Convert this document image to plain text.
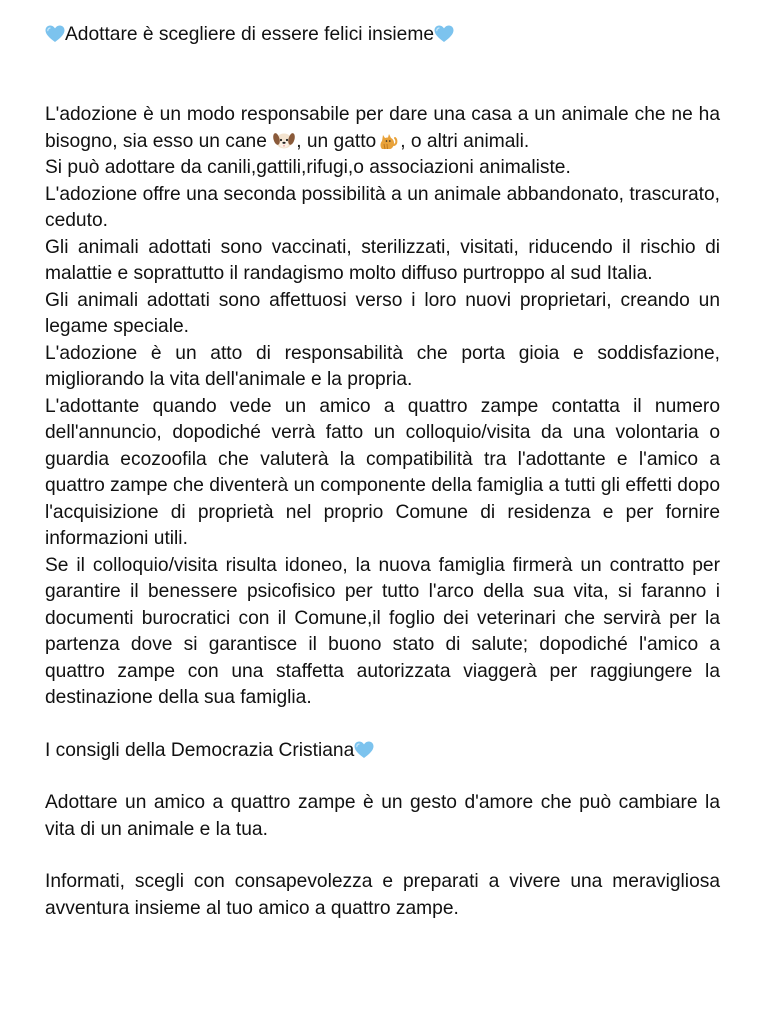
Adottare è scegliere di essere felici insieme

L'adozione è un modo responsabile per dare una casa a un animale che ne ha bisogno, sia esso un cane , un gatto , o altri animali.

Si può adottare da canili,gattili,rifugi,o associazioni animaliste.

L'adozione offre una seconda possibilità a un animale abbandonato, trascurato, ceduto.

Gli animali adottati sono vaccinati, sterilizzati, visitati, riducendo il rischio di malattie e soprattutto il randagismo molto diffuso purtroppo al sud Italia.

Gli animali adottati sono affettuosi verso i loro nuovi proprietari, creando un legame speciale.

L'adozione è un atto di responsabilità che porta gioia e soddisfazione, migliorando la vita dell'animale e la propria.

L'adottante quando vede un amico a quattro zampe contatta il numero dell'annuncio, dopodiché verrà fatto un colloquio/visita da una volontaria o guardia ecozoofila che valuterà la compatibilità tra l'adottante e l'amico a quattro zampe che diventerà un componente della famiglia a tutti gli effetti dopo l'acquisizione di proprietà nel proprio Comune di residenza e per fornire informazioni utili.

Se il colloquio/visita risulta idoneo, la nuova famiglia firmerà un contratto per garantire il benessere psicofisico per tutto l'arco della sua vita, si faranno i documenti burocratici con il Comune,il foglio dei veterinari che servirà per la partenza dove si garantisce il buono stato di salute; dopodiché l'amico a quattro zampe con una staffetta autorizzata viaggerà per raggiungere la destinazione della sua famiglia.

I consigli della Democrazia Cristiana

Adottare un amico a quattro zampe è un gesto d'amore che può cambiare la vita di un animale e la tua.

Informati, scegli con consapevolezza e preparati a vivere una meravigliosa avventura insieme al tuo amico a quattro zampe.
